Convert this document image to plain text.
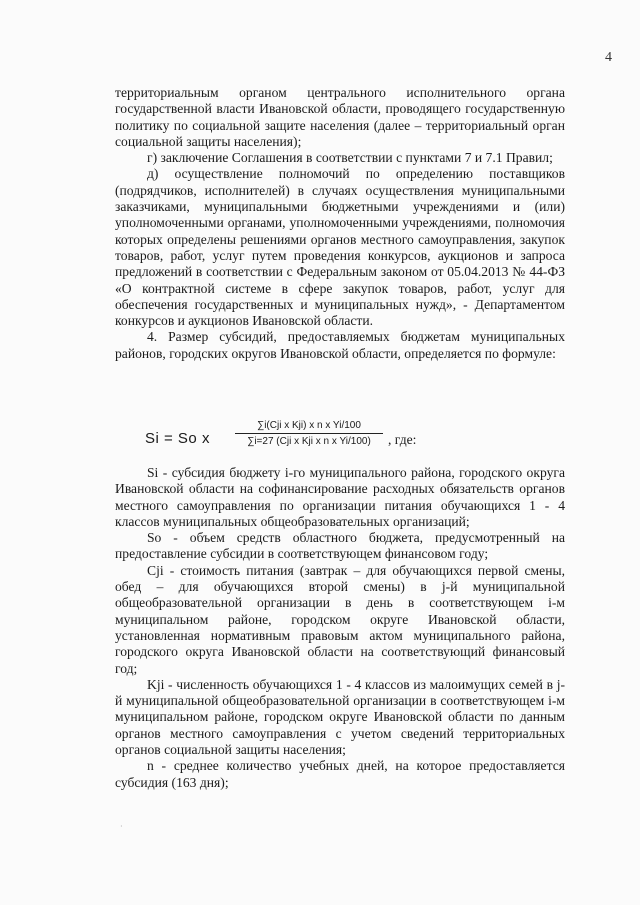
4

территориальным органом центрального исполнительного органа государственной власти Ивановской области, проводящего государственную политику по социальной защите населения (далее – территориальный орган социальной защиты населения);

г) заключение Соглашения в соответствии с пунктами 7 и 7.1 Правил;

д) осуществление полномочий по определению поставщиков (подрядчиков, исполнителей) в случаях осуществления муниципальными заказчиками, муниципальными бюджетными учреждениями и (или) уполномоченными органами, уполномоченными учреждениями, полномочия которых определены решениями органов местного самоуправления, закупок товаров, работ, услуг путем проведения конкурсов, аукционов и запроса предложений в соответствии с Федеральным законом от 05.04.2013 № 44-ФЗ «О контрактной системе в сфере закупок товаров, работ, услуг для обеспечения государственных и муниципальных нужд», - Департаментом конкурсов и аукционов Ивановской области.

4. Размер субсидий, предоставляемых бюджетам муниципальных районов, городских округов Ивановской области, определяется по формуле:

Si = So x
∑i(Cji x Kji) x n x Yi/100
∑i=27 (Cji x Kji x n x Yi/100)	, где:

Si - субсидия бюджету i-го муниципального района, городского округа Ивановской области на софинансирование расходных обязательств органов местного самоуправления по организации питания обучающихся 1 - 4 классов муниципальных общеобразовательных организаций;

So - объем средств областного бюджета, предусмотренный на предоставление субсидии в соответствующем финансовом году;

Cji - стоимость питания (завтрак – для обучающихся первой смены, обед – для обучающихся второй смены) в j-й муниципальной общеобразовательной организации в день в соответствующем i-м муниципальном районе, городском округе Ивановской области, установленная нормативным правовым актом муниципального района, городского округа Ивановской области на соответствующий финансовый год;

Kji - численность обучающихся 1 - 4 классов из малоимущих семей в j-й муниципальной общеобразовательной организации в соответствующем i-м муниципальном районе, городском округе Ивановской области по данным органов местного самоуправления с учетом сведений территориальных органов социальной защиты населения;

n - среднее количество учебных дней, на которое предоставляется субсидия (163 дня);

·
